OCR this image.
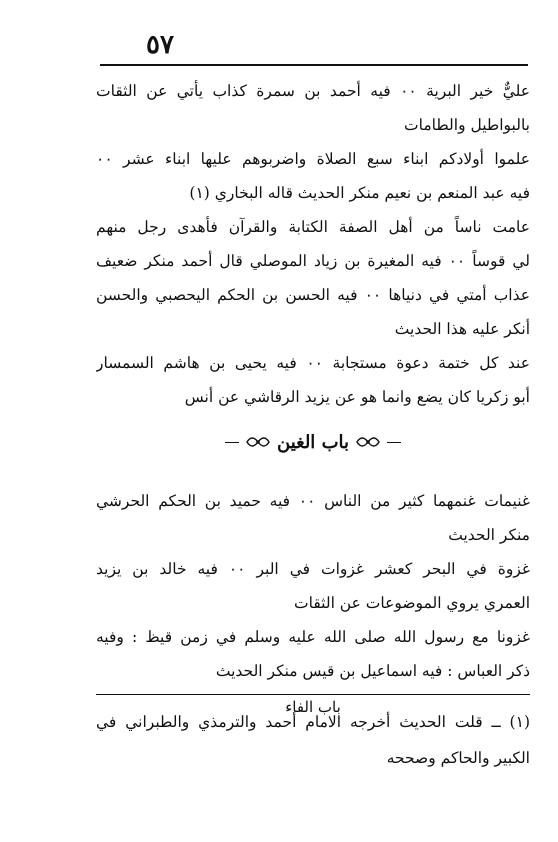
٥٧
عليٌّ خير البرية ٠٠ فيه أحمد بن سمرة كذاب يأتي عن الثقات
بالبواطيل والطامات
علموا أولادكم ابناء سبع الصلاة واضربوهم عليها ابناء عشر ٠٠
فيه عبد المنعم بن نعيم منكر الحديث قاله البخاري (١)
عامت ناساً من أهل الصفة الكتابة والقرآن فأهدى رجل منهم
لي قوساً ٠٠ فيه المغيرة بن زياد الموصلي قال أحمد منكر ضعيف
عذاب أمتي في دنياها ٠٠ فيه الحسن بن الحكم اليحصبي والحسن
أنكر عليه هذا الحديث
عند كل ختمة دعوة مستجابة ٠٠ فيه يحيى بن هاشم السمسار
أبو زكريا كان يضع وانما هو عن يزيد الرقاشي عن أنس
باب الغين
غنيمات غنمهما كثير من الناس ٠٠ فيه حميد بن الحكم الحرشي
منكر الحديث
غزوة في البحر كعشر غزوات في البر ٠٠ فيه خالد بن يزيد
العمري يروي الموضوعات عن الثقات
غزونا مع رسول الله صلى الله عليه وسلم في زمن قيظ : وفيه
ذكر العباس : فيه اسماعيل بن قيس منكر الحديث
باب الفاء
(١) ــ قلت الحديث أخرجه الامام أحمد والترمذي والطبراني في
الكبير والحاكم وصححه
